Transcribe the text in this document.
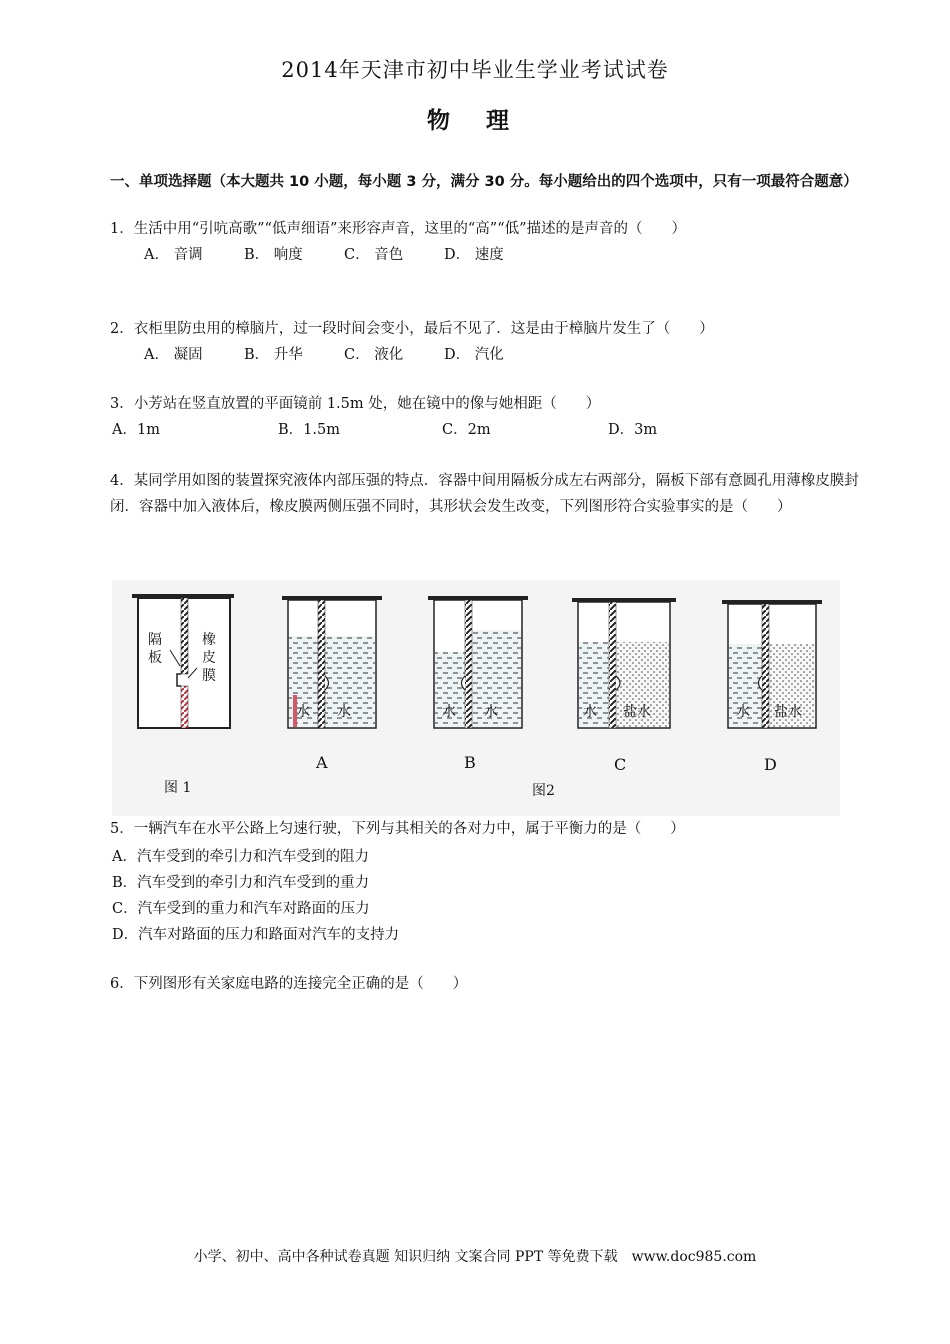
2014年天津市初中毕业生学业考试试卷
物 理
一、单项选择题（本大题共 10 小题，每小题 3 分，满分 30 分。每小题给出的四个选项中，只有一项最符合题意）
1．生活中用“引吭高歌”“低声细语”来形容声音，这里的“高”“低”描述的是声音的（　　）
A． 音调	B． 响度	C． 音色	D． 速度
2．衣柜里防虫用的樟脑片，过一段时间会变小，最后不见了．这是由于樟脑片发生了（　　）
A． 凝固	B． 升华	C． 液化	D． 汽化
3．小芳站在竖直放置的平面镜前 1.5m 处，她在镜中的像与她相距（　　）
A．1m	B．1.5m	C．2m	D．3m
4．某同学用如图的装置探究液体内部压强的特点．容器中间用隔板分成左右两部分，隔板下部有意圆孔用薄橡皮膜封闭．容器中加入液体后，橡皮膜两侧压强不同时，其形状会发生改变，下列图形符合实验事实的是（　　）
隔
板
橡
皮
膜
图 1
水 水
A
水 水
B
水 盐水
C
水 盐水
D
图2
5．一辆汽车在水平公路上匀速行驶，下列与其相关的各对力中，属于平衡力的是（　　）
A．汽车受到的牵引力和汽车受到的阻力
B．汽车受到的牵引力和汽车受到的重力
C．汽车受到的重力和汽车对路面的压力
D．汽车对路面的压力和路面对汽车的支持力
6．下列图形有关家庭电路的连接完全正确的是（　　）
小学、初中、高中各种试卷真题 知识归纳 文案合同 PPT 等免费下载　www.doc985.com
